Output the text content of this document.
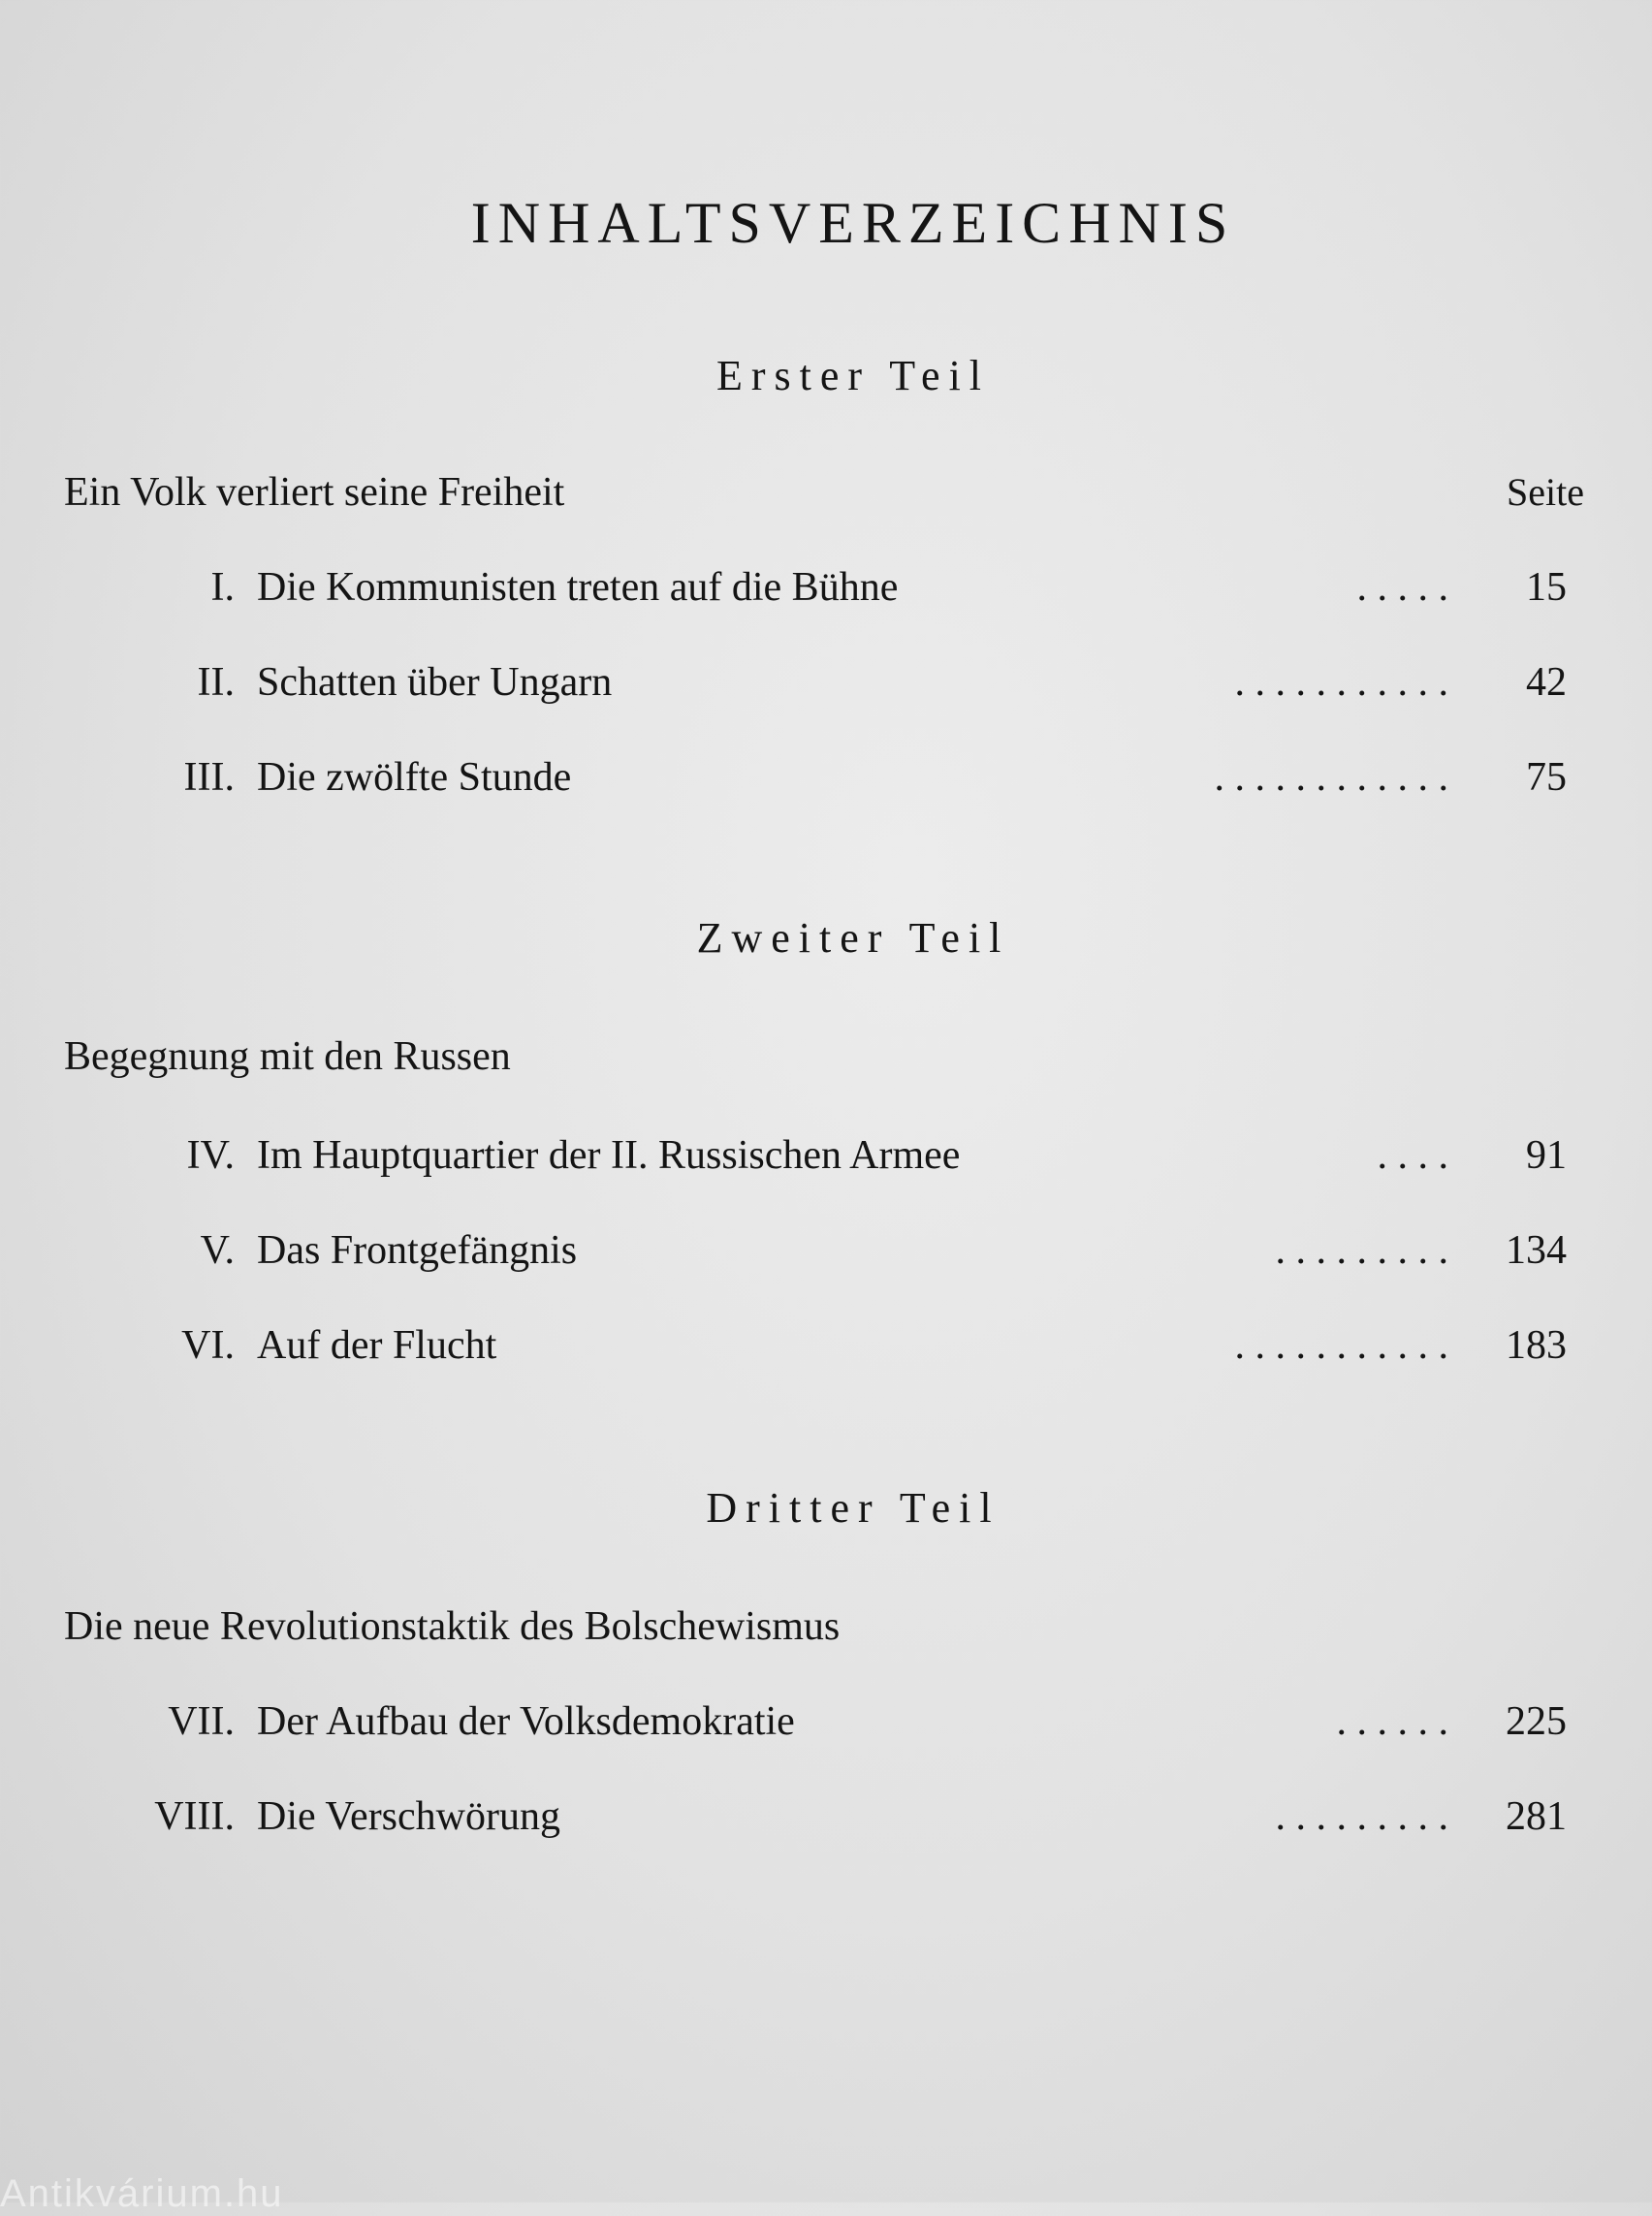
INHALTSVERZEICHNIS
Erster Teil
Ein Volk verliert seine Freiheit	Seite
I. Die Kommunisten treten auf die Bühne	. . . . . 15
II. Schatten über Ungarn	. . . . . . . . . . . 42
III. Die zwölfte Stunde	. . . . . . . . . . . . 75
Zweiter Teil
Begegnung mit den Russen
IV. Im Hauptquartier der II. Russischen Armee	. . . . 91
V. Das Frontgefängnis	. . . . . . . . . 134
VI. Auf der Flucht	. . . . . . . . . . . 183
Dritter Teil
Die neue Revolutionstaktik des Bolschewismus
VII. Der Aufbau der Volksdemokratie	. . . . . . 225
VIII. Die Verschwörung	. . . . . . . . . 281
Antikvárium.hu
